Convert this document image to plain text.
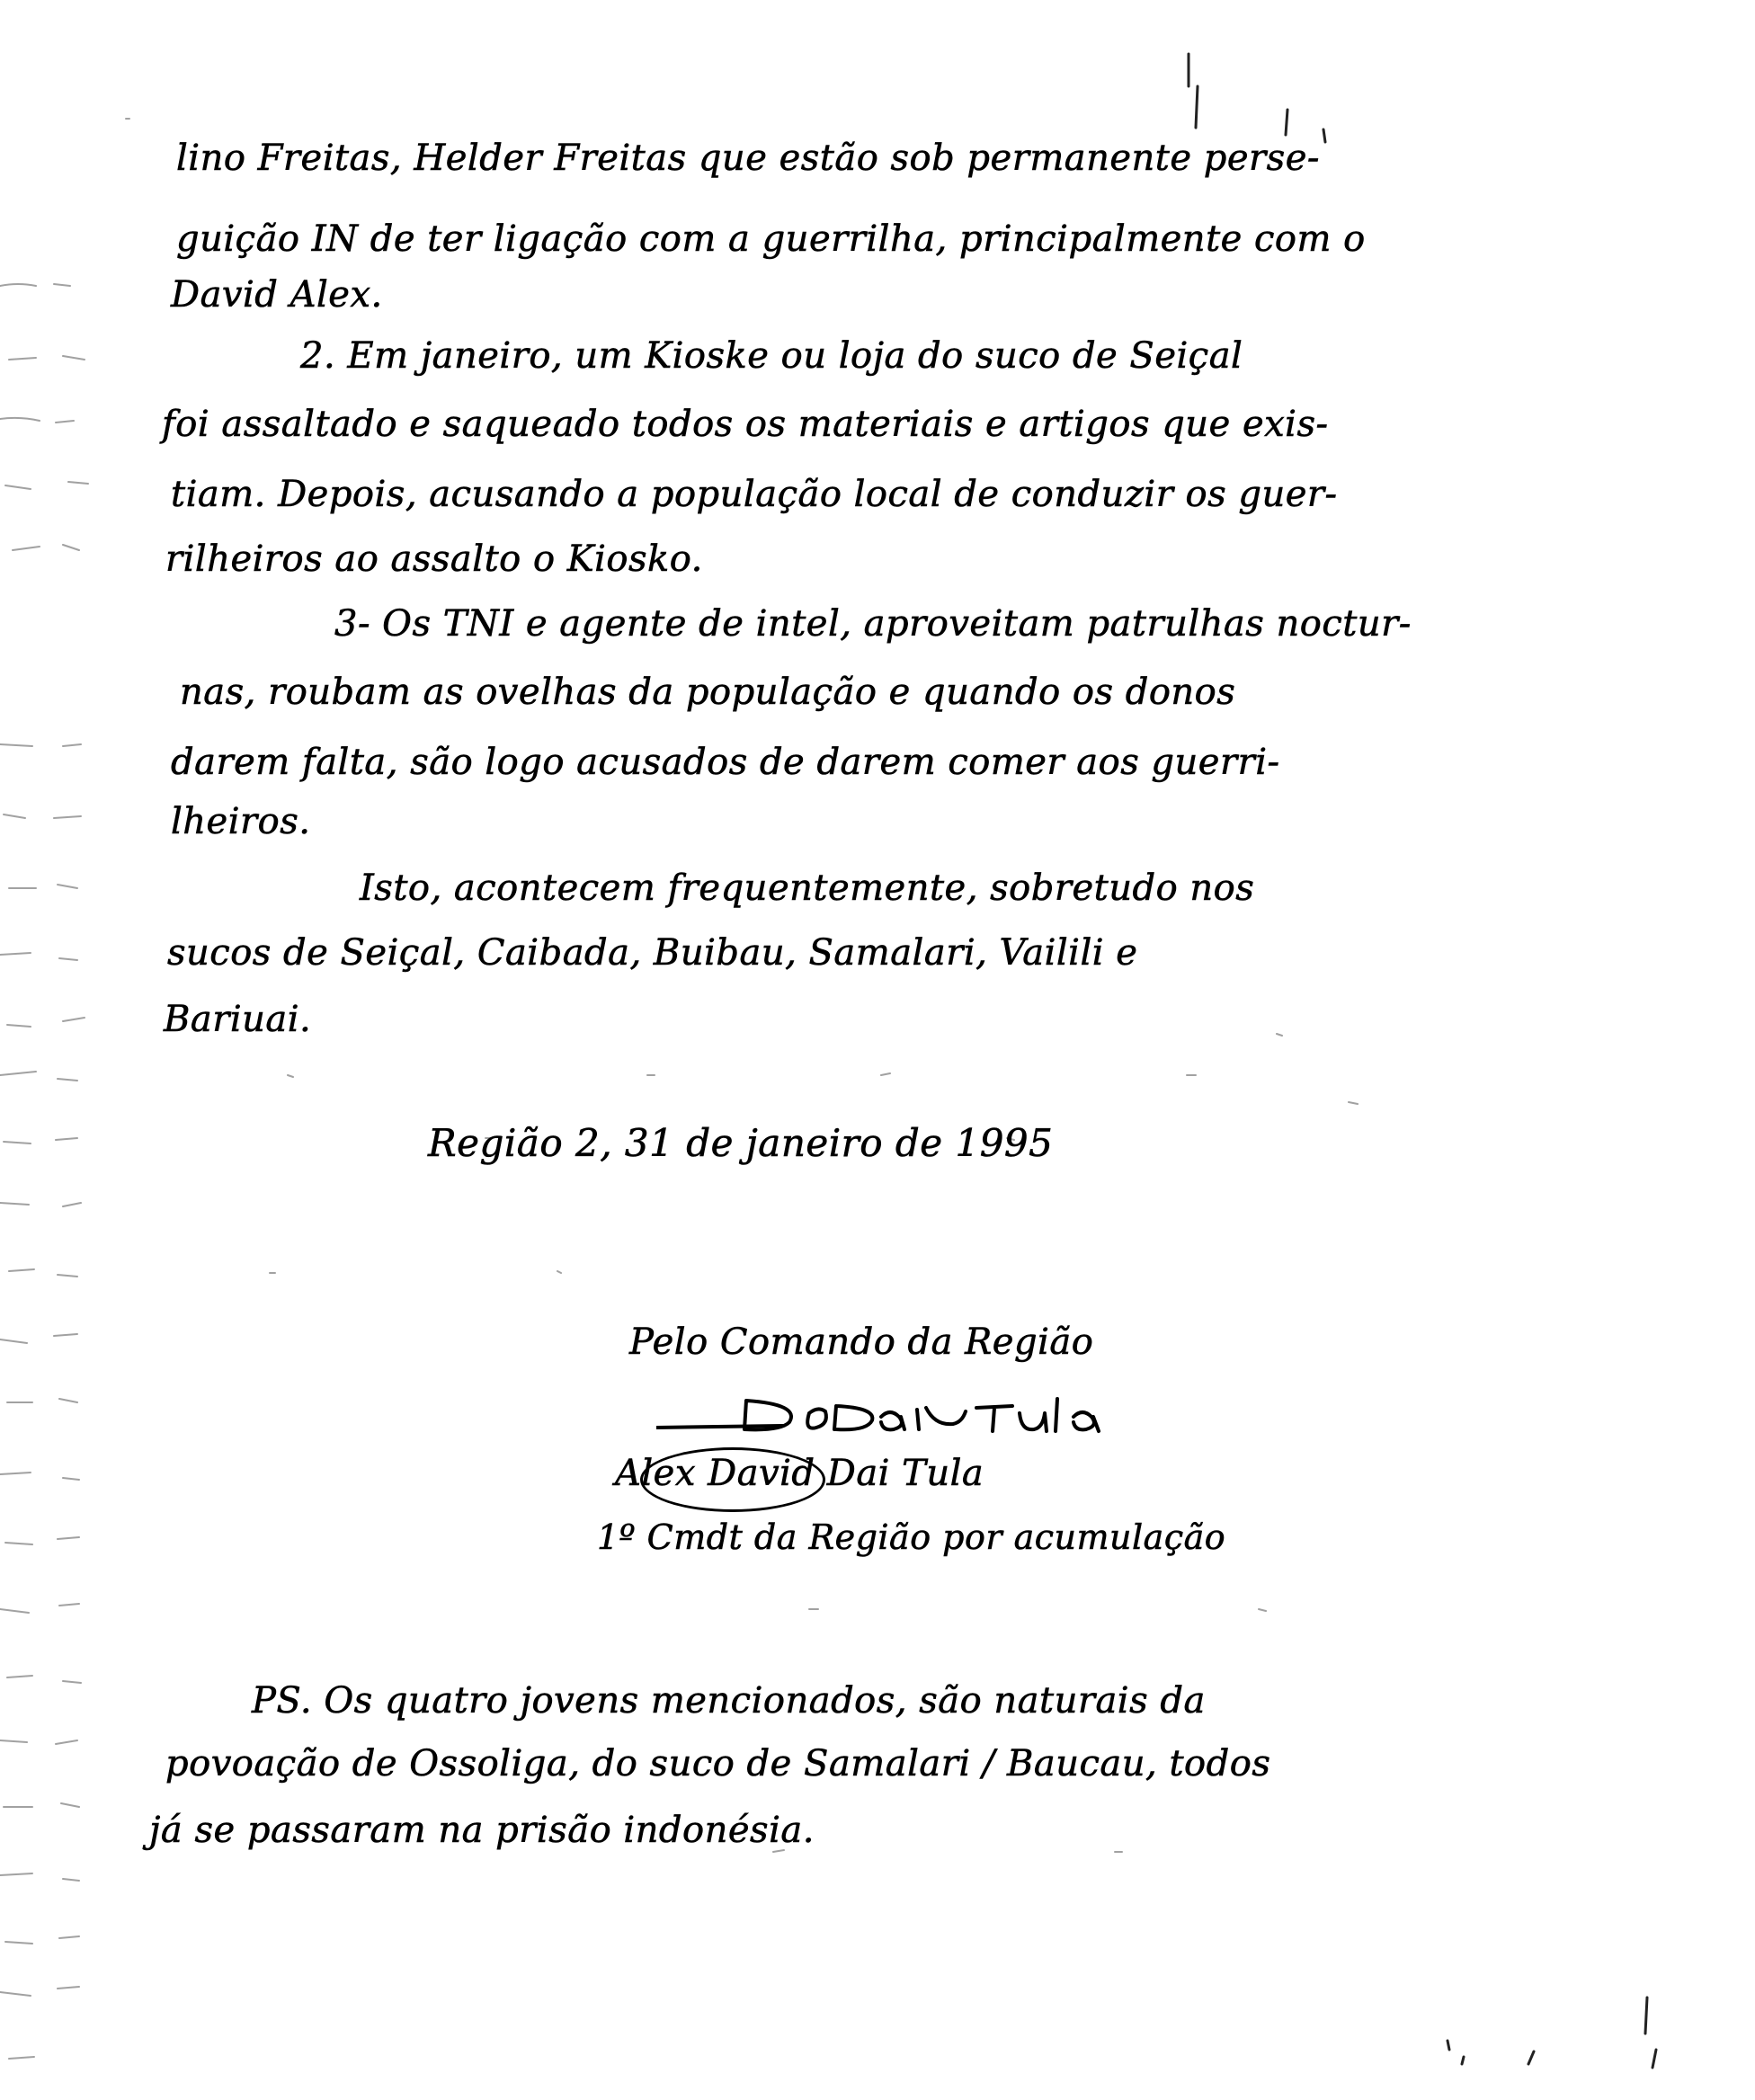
lino Freitas, Helder Freitas que estão sob permanente perse-
guição IN de ter ligação com a guerrilha, principalmente com o
David Alex.
2. Em janeiro, um Kioske ou loja do suco de Seiçal
foi assaltado e saqueado todos os materiais e artigos que exis-
tiam. Depois, acusando a população local de conduzir os guer-
rilheiros ao assalto o Kiosko.
3- Os TNI e agente de intel, aproveitam patrulhas noctur-
nas, roubam as ovelhas da população e quando os donos
darem falta, são logo acusados de darem comer aos guerri-
lheiros.
Isto, acontecem frequentemente, sobretudo nos
sucos de Seiçal, Caibada, Buibau, Samalari, Vailili e
Bariuai.
Região 2, 31 de janeiro de 1995
Pelo Comando da Região
Alex David Dai Tula
1º Cmdt da Região por acumulação
PS. Os quatro jovens mencionados, são naturais da
povoação de Ossoliga, do suco de Samalari / Baucau, todos
já se passaram na prisão indonésia.
